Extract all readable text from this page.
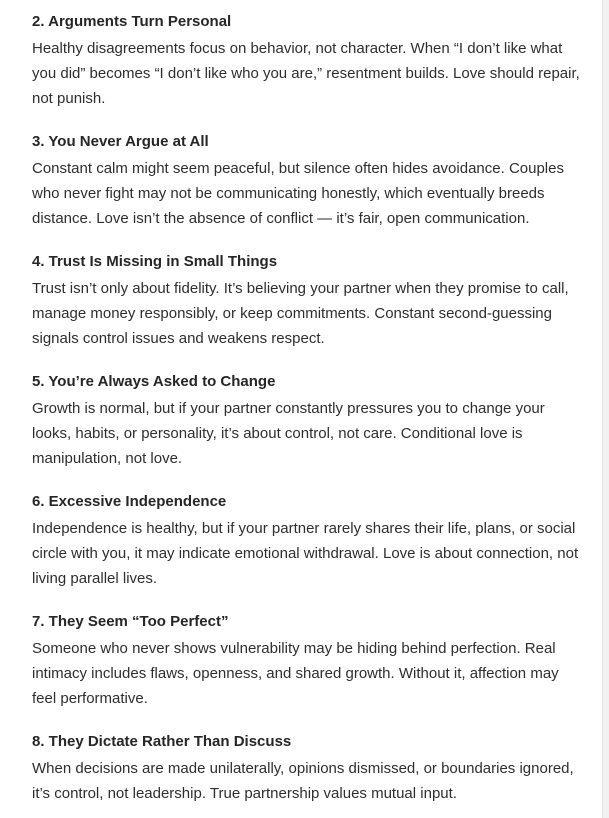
2. Arguments Turn Personal

Healthy disagreements focus on behavior, not character. When “I don’t like what you did” becomes “I don’t like who you are,” resentment builds. Love should repair, not punish.

3. You Never Argue at All

Constant calm might seem peaceful, but silence often hides avoidance. Couples who never fight may not be communicating honestly, which eventually breeds distance. Love isn’t the absence of conflict — it’s fair, open communication.

4. Trust Is Missing in Small Things

Trust isn’t only about fidelity. It’s believing your partner when they promise to call, manage money responsibly, or keep commitments. Constant second-guessing signals control issues and weakens respect.

5. You’re Always Asked to Change

Growth is normal, but if your partner constantly pressures you to change your looks, habits, or personality, it’s about control, not care. Conditional love is manipulation, not love.

6. Excessive Independence

Independence is healthy, but if your partner rarely shares their life, plans, or social circle with you, it may indicate emotional withdrawal. Love is about connection, not living parallel lives.

7. They Seem “Too Perfect”

Someone who never shows vulnerability may be hiding behind perfection. Real intimacy includes flaws, openness, and shared growth. Without it, affection may feel performative.

8. They Dictate Rather Than Discuss

When decisions are made unilaterally, opinions dismissed, or boundaries ignored, it’s control, not leadership. True partnership values mutual input.
